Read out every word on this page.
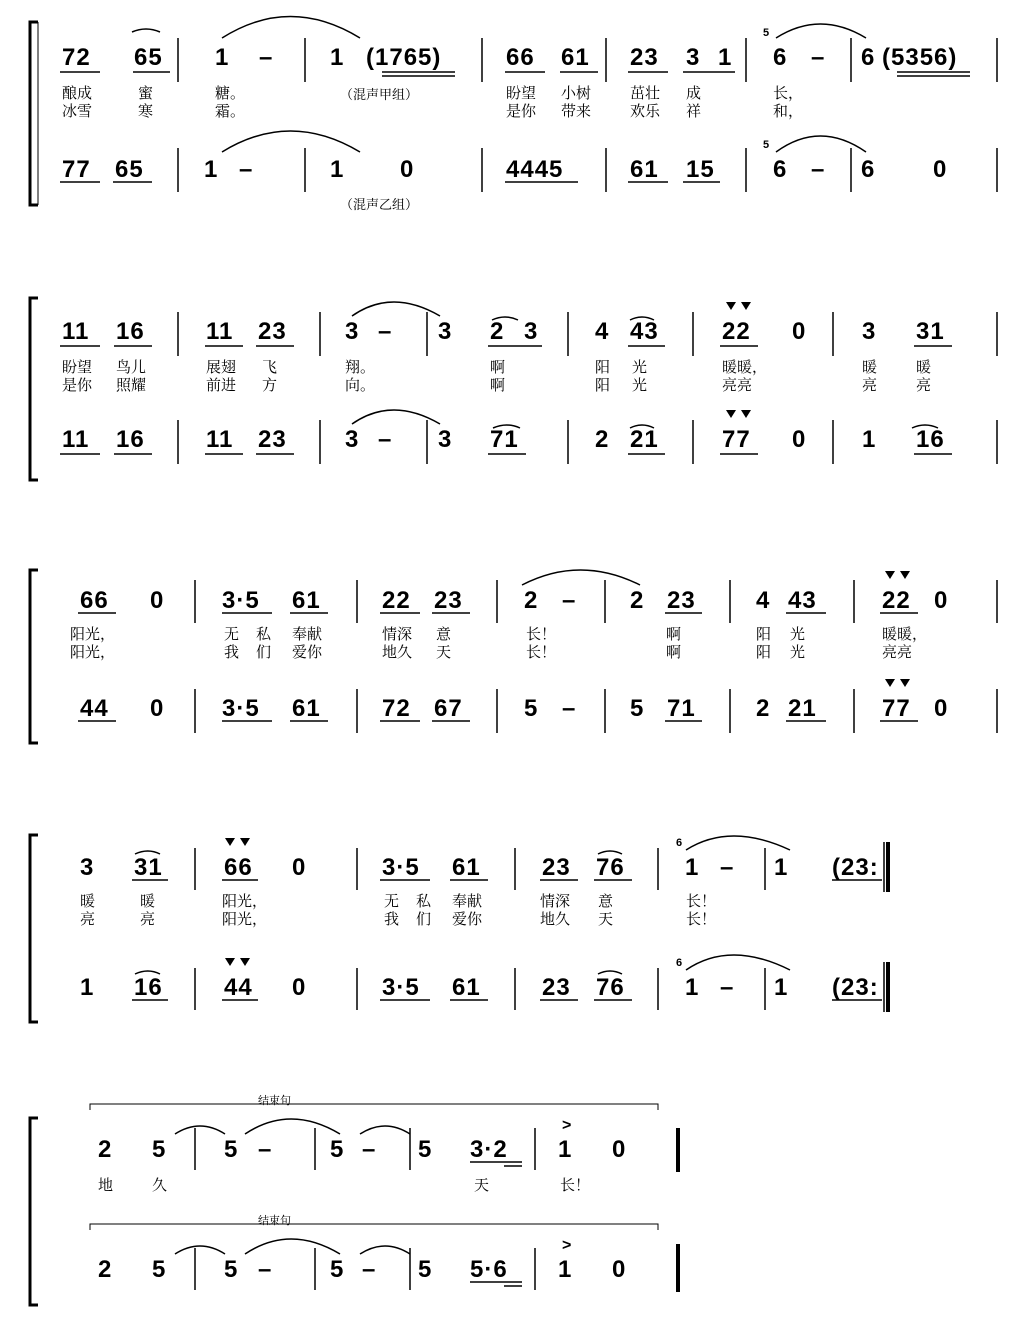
72 65 1 – 1 (1765)	66 61 23 3 1
5
6 – 6 (5356)
酿成	蜜	糖。	（混声甲组）	盼望 小树	茁壮 成	长，
冰雪	寒	霜。	是你 带来	欢乐 祥	和，
77 65	1 –	1 0
（混声乙组）
4445	61 15
5
6 – 6 0
11 16	11 23 3 – 3 2 3 4 43	22 0 3 31
盼望 鸟儿	展翅 飞	翔。	啊	阳 光	暖暖，	暖	暖
是你 照耀	前进 方	向。	啊	阳 光	亮亮	亮	亮
11 16	11 23 3 – 3 71	2 21	77 0 1 16
66 0 3·5 61	22 23	2 – 2 23	4 43	22 0
阳光，	无 私 奉献	情深 意	长！	啊	阳 光	暖暖，
阳光，	我 们 爱你	地久 天	长！	啊	阳 光	亮亮
44 0 3·5 61	72 67	5 – 5 71	2 21	77 0
3 31	66 0	3·5 61	23 76
6
1 – 1 (23:
暖	暖	阳光，	无 私 奉献	情深 意	长！
亮	亮	阳光，	我 们 爱你	地久 天	长！
1 16	44 0	3·5 61	23 76
6
1 – 1 (23:
结束句
结束句
2 5 5 – 5 – 5 3·2
>
1 0
地	久	天	长！
2 5 5 – 5 – 5 5·6
>
1 0
